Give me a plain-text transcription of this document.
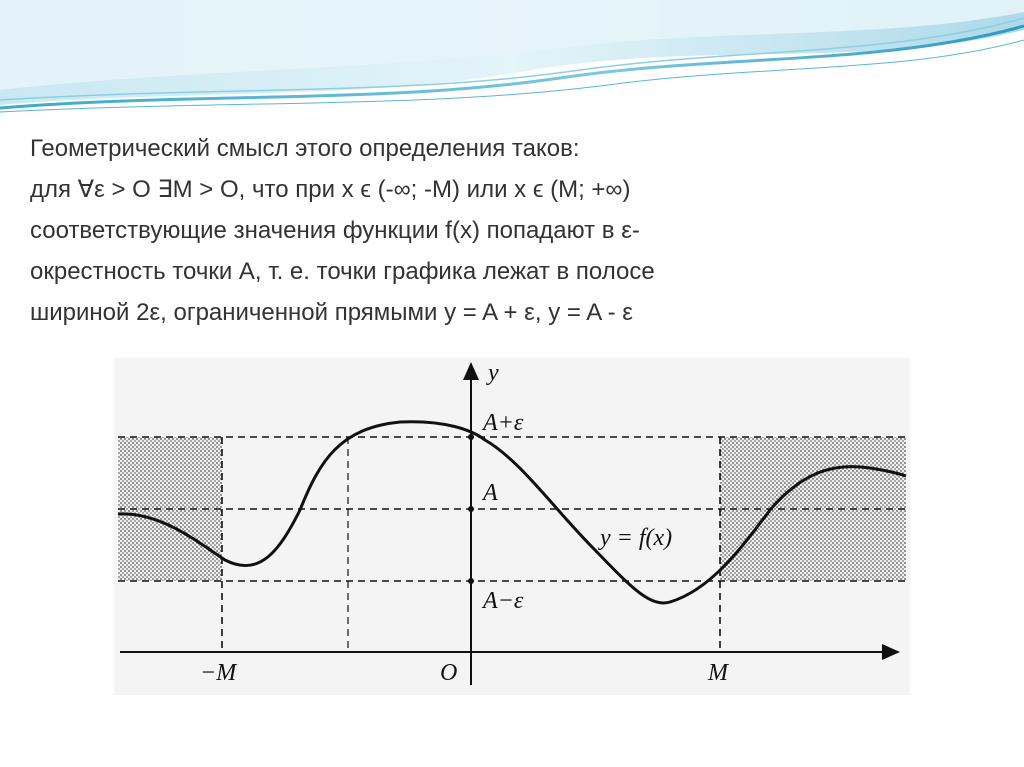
Геометрический смысл этого определения таков:
для ∀ε > O ∃M > O, что при x ϵ (-∞; -M) или x ϵ (M; +∞)
соответствующие значения функции f(x) попадают в ε-
окрестность точки A, т. е. точки графика лежат в полосе
шириной 2ε, ограниченной прямыми y = A + ε, y = A - ε
y
A+ε
A
A−ε
y = f(x)
O
−M	M
